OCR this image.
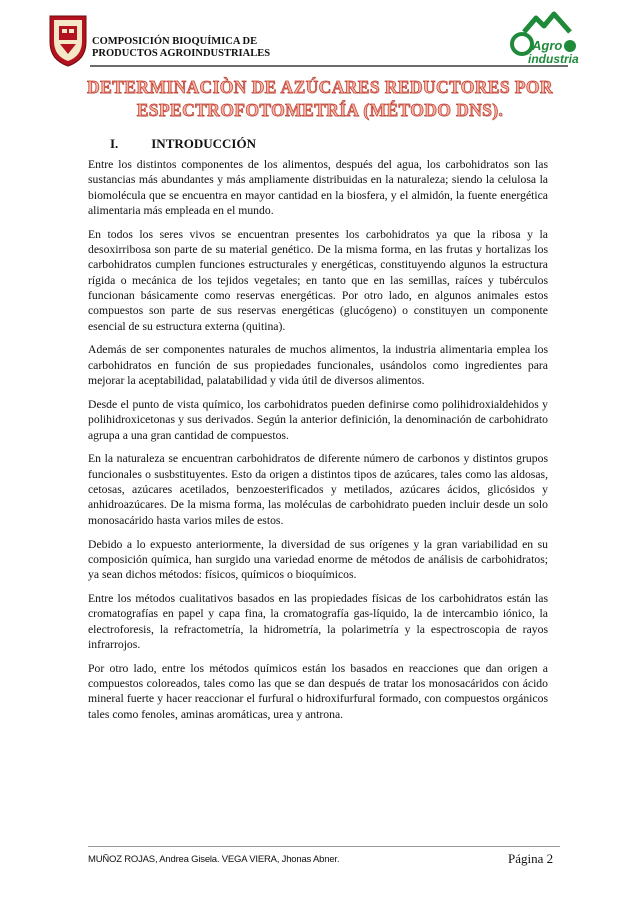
COMPOSICIÓN BIOQUÍMICA DE
PRODUCTOS AGROINDUSTRIALES
Agro
industria
DETERMINACIÒN DE AZÚCARES REDUCTORES POR
ESPECTROFOTOMETRÍA (MÉTODO DNS).
I.	INTRODUCCIÓN

Entre los distintos componentes de los alimentos, después del agua, los carbohidratos son las sustancias más abundantes y más ampliamente distribuidas en la naturaleza; siendo la celulosa la biomolécula que se encuentra en mayor cantidad en la biosfera, y el almidón, la fuente energética alimentaria más empleada en el mundo.

En todos los seres vivos se encuentran presentes los carbohidratos ya que la ribosa y la desoxirribosa son parte de su material genético. De la misma forma, en las frutas y hortalizas los carbohidratos cumplen funciones estructurales y energéticas, constituyendo algunos la estructura rígida o mecánica de los tejidos vegetales; en tanto que en las semillas, raíces y tubérculos funcionan básicamente como reservas energéticas. Por otro lado, en algunos animales estos compuestos son parte de sus reservas energéticas (glucógeno) o constituyen un componente esencial de su estructura externa (quitina).

Además de ser componentes naturales de muchos alimentos, la industria alimentaria emplea los carbohidratos en función de sus propiedades funcionales, usándolos como ingredientes para mejorar la aceptabilidad, palatabilidad y vida útil de diversos alimentos.

Desde el punto de vista químico, los carbohidratos pueden definirse como polihidroxialdehidos y polihidroxicetonas y sus derivados. Según la anterior definición, la denominación de carbohidrato agrupa a una gran cantidad de compuestos.

En la naturaleza se encuentran carbohidratos de diferente número de carbonos y distintos grupos funcionales o susbstituyentes. Esto da origen a distintos tipos de azúcares, tales como las aldosas, cetosas, azúcares acetilados, benzoesterificados y metilados, azúcares ácidos, glicósidos y anhidroazúcares. De la misma forma, las moléculas de carbohidrato pueden incluir desde un solo monosacárido hasta varios miles de estos.

Debido a lo expuesto anteriormente, la diversidad de sus orígenes y la gran variabilidad en su composición química, han surgido una variedad enorme de métodos de análisis de carbohidratos; ya sean dichos métodos: físicos, químicos o bioquímicos.

Entre los métodos cualitativos basados en las propiedades físicas de los carbohidratos están las cromatografías en papel y capa fina, la cromatografía gas-líquido, la de intercambio iónico, la electroforesis, la refractometría, la hidrometría, la polarimetría y la espectroscopia de rayos infrarrojos.

Por otro lado, entre los métodos químicos están los basados en reacciones que dan origen a compuestos coloreados, tales como las que se dan después de tratar los monosacáridos con ácido mineral fuerte y hacer reaccionar el furfural o hidroxifurfural formado, con compuestos orgánicos tales como fenoles, aminas aromáticas, urea y antrona.

MUÑOZ ROJAS, Andrea Gisela. VEGA VIERA, Jhonas Abner.	Página 2
